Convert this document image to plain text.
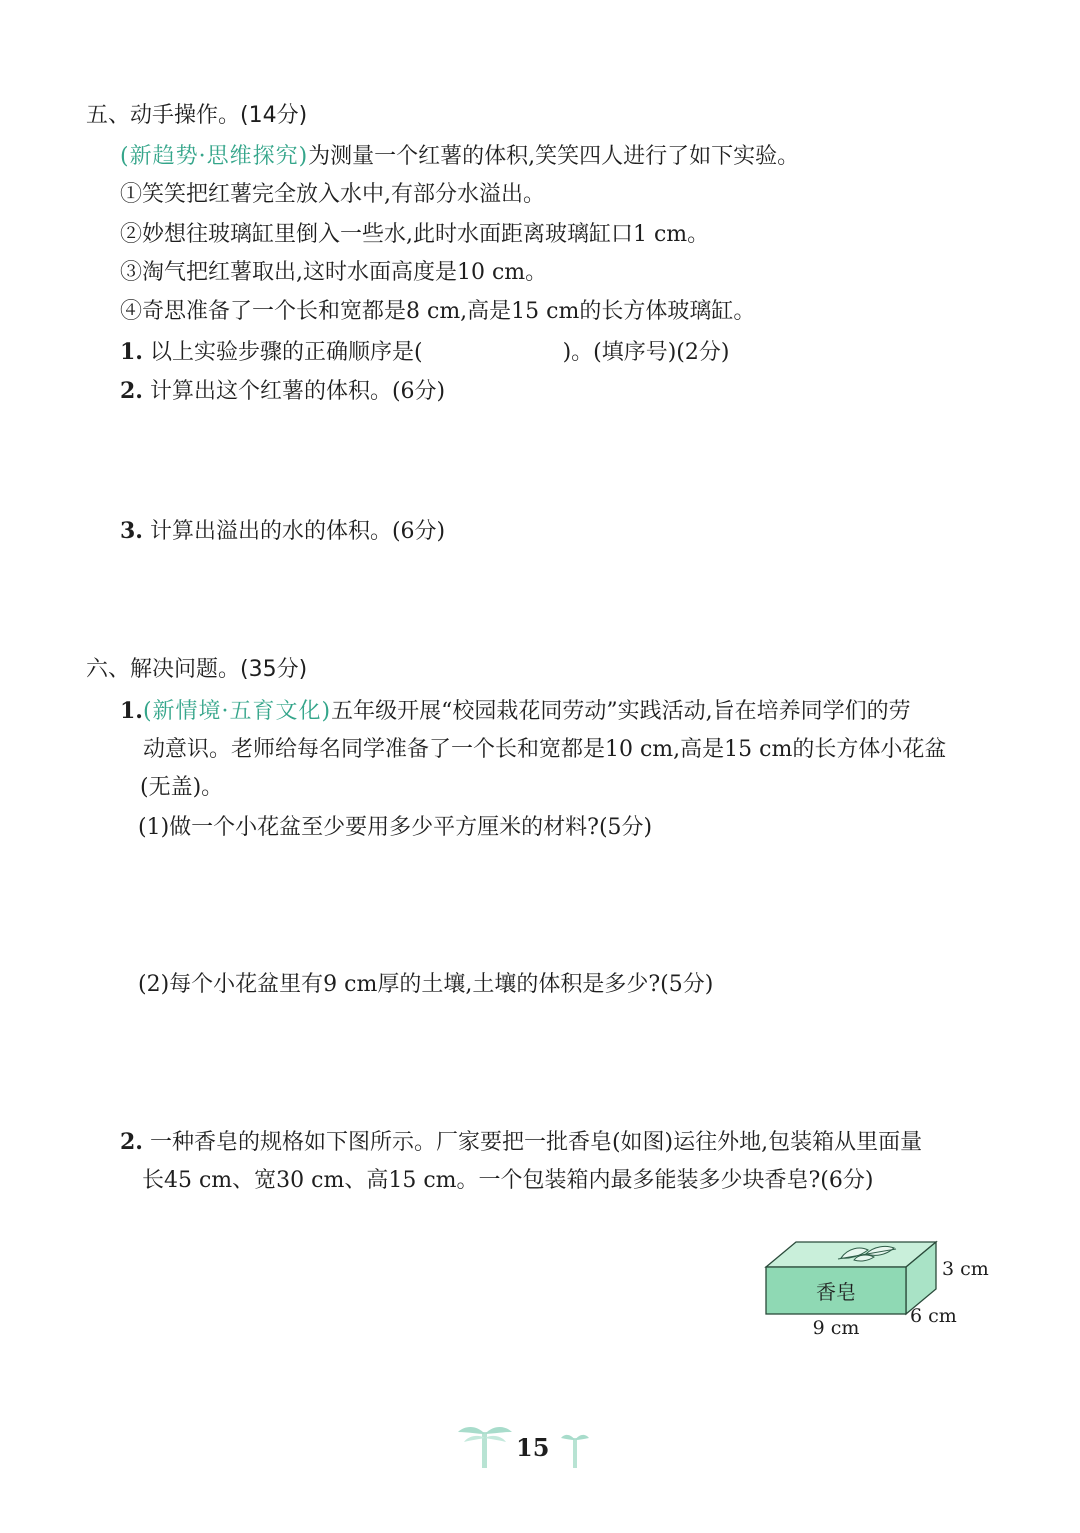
五、动手操作。(14分)
(新趋势·思维探究)为测量一个红薯的体积,笑笑四人进行了如下实验。
①笑笑把红薯完全放入水中,有部分水溢出。
②妙想往玻璃缸里倒入一些水,此时水面距离玻璃缸口1 cm。
③淘气把红薯取出,这时水面高度是10 cm。
④奇思准备了一个长和宽都是8 cm,高是15 cm的长方体玻璃缸。
1. 以上实验步骤的正确顺序是(	)。(填序号)(2分)
2. 计算出这个红薯的体积。(6分)
3. 计算出溢出的水的体积。(6分)
六、解决问题。(35分)
1.(新情境·五育文化)五年级开展“校园栽花同劳动”实践活动,旨在培养同学们的劳
动意识。老师给每名同学准备了一个长和宽都是10 cm,高是15 cm的长方体小花盆
(无盖)。
(1)做一个小花盆至少要用多少平方厘米的材料?(5分)
(2)每个小花盆里有9 cm厚的土壤,土壤的体积是多少?(5分)
2. 一种香皂的规格如下图所示。厂家要把一批香皂(如图)运往外地,包装箱从里面量
长45 cm、宽30 cm、高15 cm。一个包装箱内最多能装多少块香皂?(6分)
香皂
3 cm
6 cm
9 cm
15
